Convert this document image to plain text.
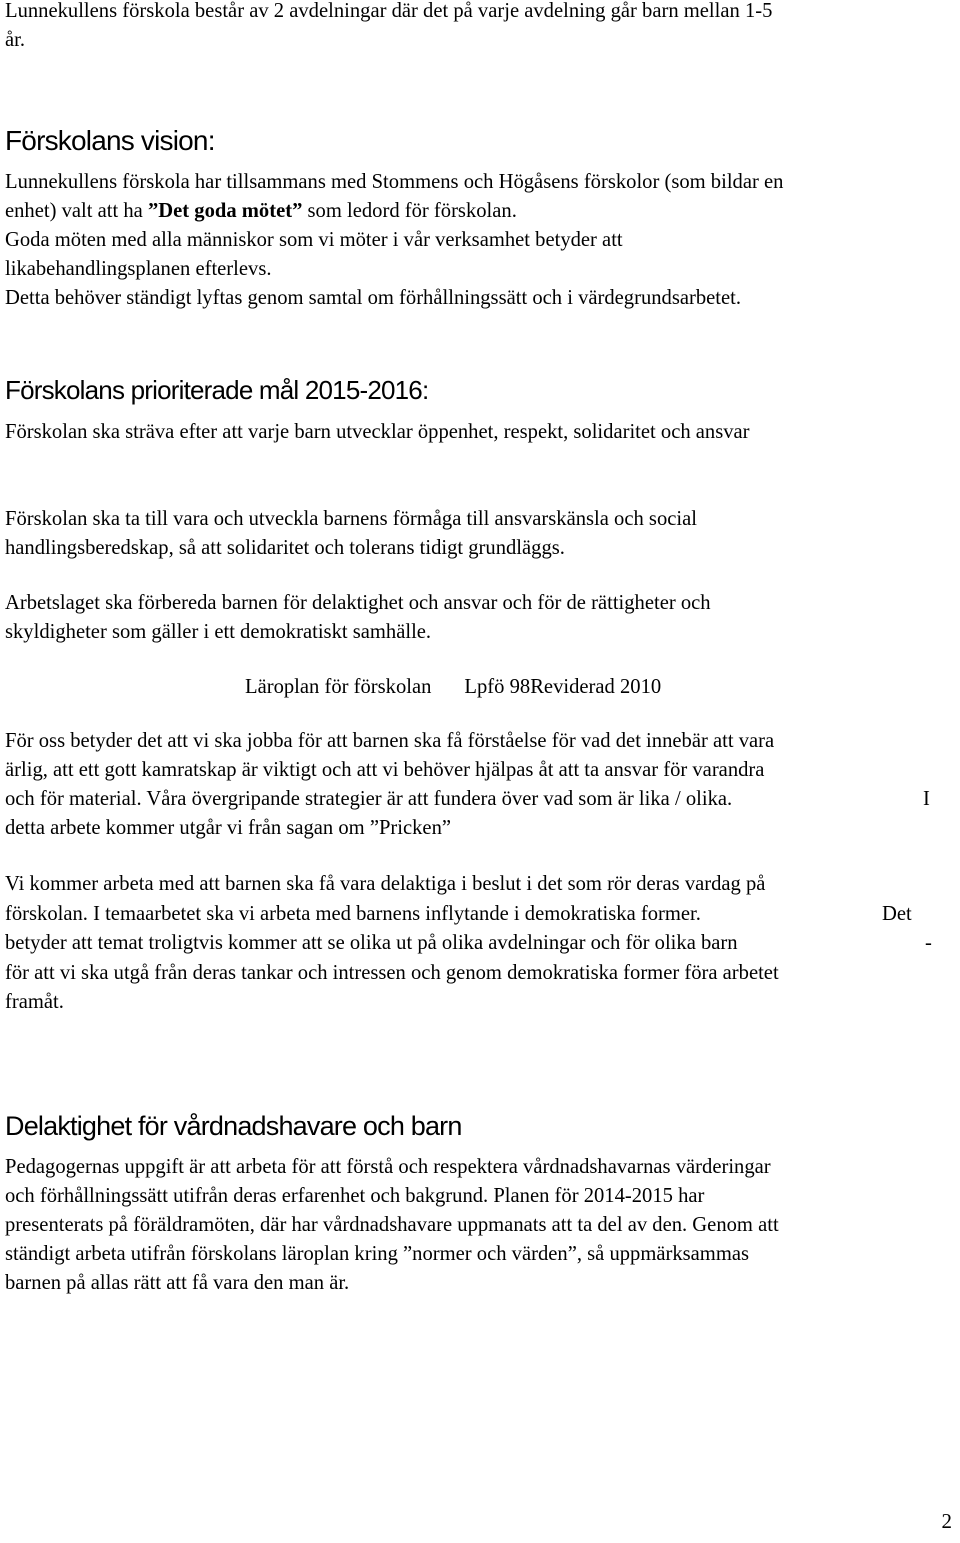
Lunnekullens förskola består av 2 avdelningar där det på varje avdelning går barn mellan 1-5
år.
Förskolans vision:
Lunnekullens förskola har tillsammans med Stommens och Högåsens förskolor (som bildar en
enhet) valt att ha ”Det goda mötet” som ledord för förskolan.
Goda möten med alla människor som vi möter i vår verksamhet betyder att
likabehandlingsplanen efterlevs.
Detta behöver ständigt lyftas genom samtal om förhållningssätt och i värdegrundsarbetet.
Förskolans prioriterade mål 2015-2016:
Förskolan ska sträva efter att varje barn utvecklar öppenhet, respekt, solidaritet och ansvar
Förskolan ska ta till vara och utveckla barnens förmåga till ansvarskänsla och social
handlingsberedskap, så att solidaritet och tolerans tidigt grundläggs.
Arbetslaget ska förbereda barnen för delaktighet och ansvar och för de rättigheter och
skyldigheter som gäller i ett demokratiskt samhälle.
Läroplan för förskolan Lpfö 98Reviderad 2010
För oss betyder det att vi ska jobba för att barnen ska få förståelse för vad det innebär att vara
ärlig, att ett gott kamratskap är viktigt och att vi behöver hjälpas åt att ta ansvar för varandra
och för material. Våra övergripande strategier är att fundera över vad som är lika / olika.	I
detta arbete kommer utgår vi från sagan om ”Pricken”
Vi kommer arbeta med att barnen ska få vara delaktiga i beslut i det som rör deras vardag på
förskolan. I temaarbetet ska vi arbeta med barnens inflytande i demokratiska former.	Det
betyder att temat troligtvis kommer att se olika ut på olika avdelningar och för olika barn	-
för att vi ska utgå från deras tankar och intressen och genom demokratiska former föra arbetet
framåt.
Delaktighet för vårdnadshavare och barn
Pedagogernas uppgift är att arbeta för att förstå och respektera vårdnadshavarnas värderingar
och förhållningssätt utifrån deras erfarenhet och bakgrund. Planen för 2014-2015 har
presenterats på föräldramöten, där har vårdnadshavare uppmanats att ta del av den. Genom att
ständigt arbeta utifrån förskolans läroplan kring ”normer och värden”, så uppmärksammas
barnen på allas rätt att få vara den man är.
2
